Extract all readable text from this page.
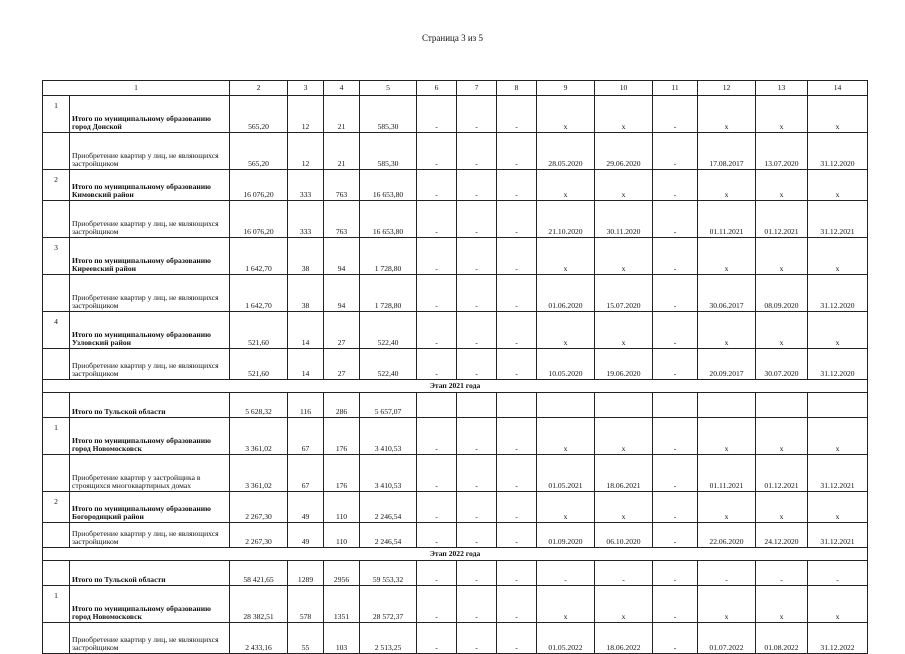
Страница 3 из 5
1		2	3	4	5	6	7	8	9	10	11	12	13	14
1	Итого по муниципальному образованию город Донской	565,20	12	21	585,30	-	-	-	x	x	-	x	x	x
	Приобретение квартир у лиц, не являющихся застройщиком	565,20	12	21	585,30	-	-	-	28.05.2020	29.06.2020	-	17.08.2017	13.07.2020	31.12.2020
2	Итого по муниципальному образованию Кимовский район	16 076,20	333	763	16 653,80	-	-	-	x	x	-	x	x	x
	Приобретение квартир у лиц, не являющихся застройщиком	16 076,20	333	763	16 653,80	-	-	-	21.10.2020	30.11.2020	-	01.11.2021	01.12.2021	31.12.2021
3	Итого по муниципальному образованию Киреевский район	1 642,70	38	94	1 728,80	-	-	-	x	x	-	x	x	x
	Приобретение квартир у лиц, не являющихся застройщиком	1 642,70	38	94	1 728,80	-	-	-	01.06.2020	15.07.2020	-	30.06.2017	08.09.2020	31.12.2020
4	Итого по муниципальному образованию Узловский район	521,60	14	27	522,40	-	-	-	x	x	-	x	x	x
	Приобретение квартир у лиц, не являющихся застройщиком	521,60	14	27	522,40	-	-	-	10.05.2020	19.06.2020	-	20.09.2017	30.07.2020	31.12.2020
Этап 2021 года														
	Итого по Тульской области	5 628,32	116	286	5 657,07									
1	Итого по муниципальному образованию город Новомосковск	3 361,02	67	176	3 410,53	-	-	-	x	x	-	x	x	x
	Приобретение квартир у застройщика в строящихся многоквартирных домах	3 361,02	67	176	3 410,53	-	-	-	01.05.2021	18.06.2021	-	01.11.2021	01.12.2021	31.12.2021
2	Итого по муниципальному образованию Богородицкий район	2 267,30	49	110	2 246,54	-	-	-	x	x	-	x	x	x
	Приобретение квартир у лиц, не являющихся застройщиком	2 267,30	49	110	2 246,54	-	-	-	01.09.2020	06.10.2020	-	22.06.2020	24.12.2020	31.12.2021
Этап 2022 года														
	Итого по Тульской области	58 421,65	1289	2956	59 553,32	-	-	-	-	-	-	-	-	-
1	Итого по муниципальному образованию город Новомосковск	28 382,51	578	1351	28 572,37	-	-	-	x	x	-	x	x	x
	Приобретение квартир у лиц, не являющихся застройщиком	2 433,16	55	103	2 513,25	-	-	-	01.05.2022	18.06.2022	-	01.07.2022	01.08.2022	31.12.2022
